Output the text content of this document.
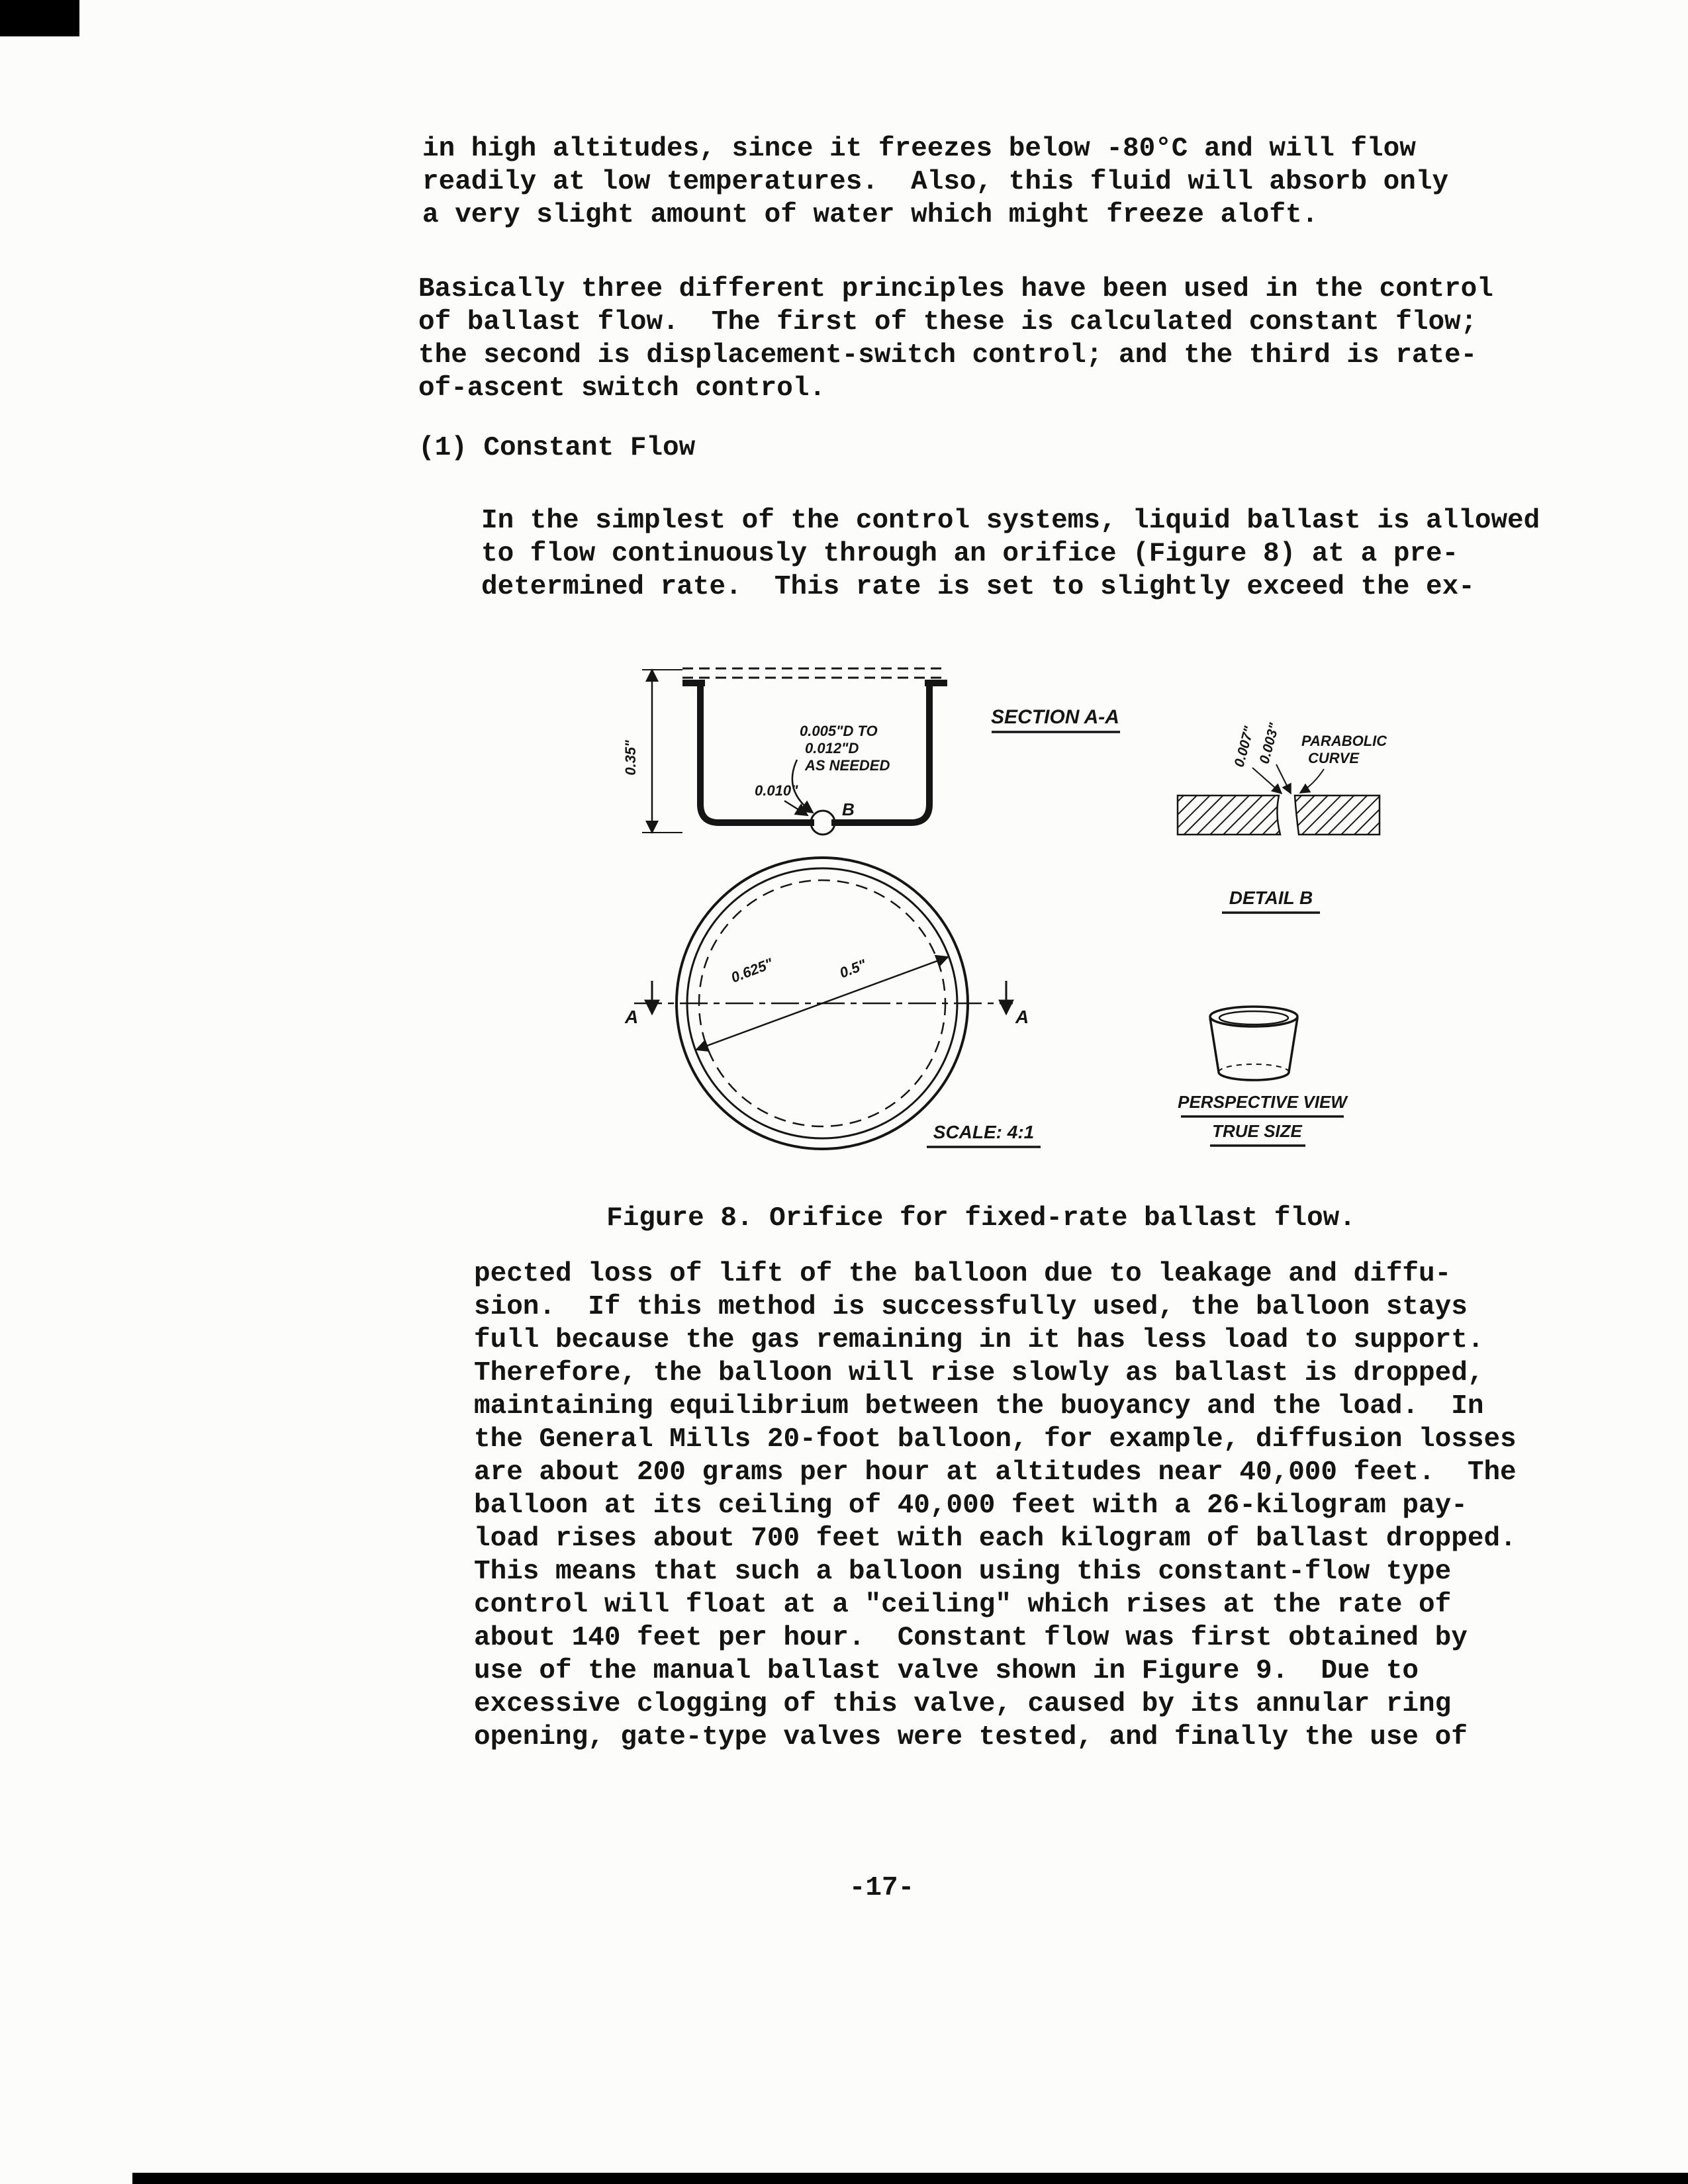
in high altitudes, since it freezes below -80°C and will flow
readily at low temperatures.  Also, this fluid will absorb only
a very slight amount of water which might freeze aloft.
Basically three different principles have been used in the control
of ballast flow.  The first of these is calculated constant flow;
the second is displacement-switch control; and the third is rate-
of-ascent switch control.
(1) Constant Flow
In the simplest of the control systems, liquid ballast is allowed
to flow continuously through an orifice (Figure 8) at a pre-
determined rate.  This rate is set to slightly exceed the ex-
B
0.005"D TO
0.012"D
AS NEEDED
0.010"
0.35"
SECTION A-A
0.007" 0.003" PARABOLIC
CURVE
DETAIL B
A	A
0.625"	0.5"
SCALE: 4:1
PERSPECTIVE VIEW
TRUE SIZE
Figure 8. Orifice for fixed-rate ballast flow.
pected loss of lift of the balloon due to leakage and diffu-
sion.  If this method is successfully used, the balloon stays
full because the gas remaining in it has less load to support.
Therefore, the balloon will rise slowly as ballast is dropped,
maintaining equilibrium between the buoyancy and the load.  In
the General Mills 20-foot balloon, for example, diffusion losses
are about 200 grams per hour at altitudes near 40,000 feet.  The
balloon at its ceiling of 40,000 feet with a 26-kilogram pay-
load rises about 700 feet with each kilogram of ballast dropped.
This means that such a balloon using this constant-flow type
control will float at a "ceiling" which rises at the rate of
about 140 feet per hour.  Constant flow was first obtained by
use of the manual ballast valve shown in Figure 9.  Due to
excessive clogging of this valve, caused by its annular ring
opening, gate-type valves were tested, and finally the use of
-17-
